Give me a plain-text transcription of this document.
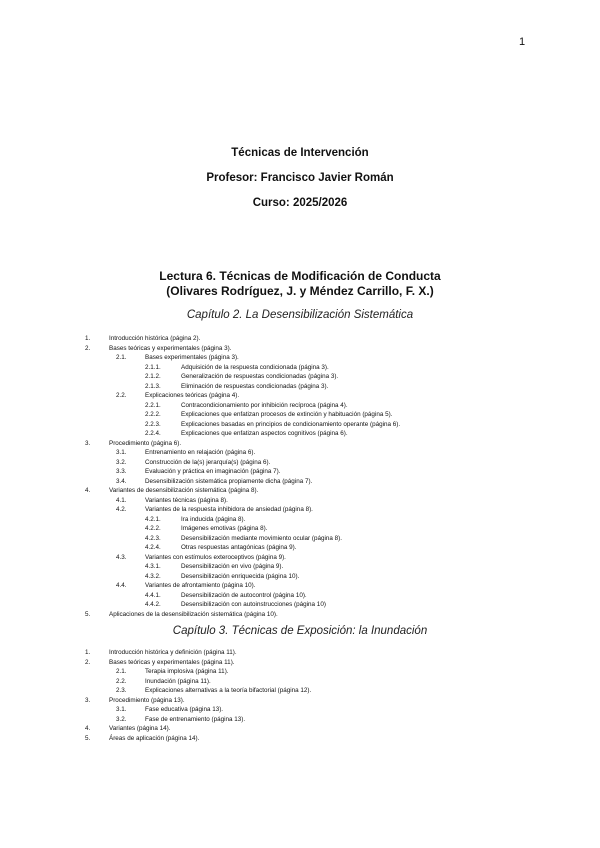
1
Técnicas de Intervención
Profesor: Francisco Javier Román
Curso: 2025/2026
Lectura 6. Técnicas de Modificación de Conducta
(Olivares Rodríguez, J. y Méndez Carrillo, F. X.)
Capítulo 2. La Desensibilización Sistemática
1.	Introducción histórica (página 2).
2.	Bases teóricas y experimentales (página 3).
2.1.	Bases experimentales (página 3).
2.1.1.	Adquisición de la respuesta condicionada (página 3).
2.1.2.	Generalización de respuestas condicionadas (página 3).
2.1.3.	Eliminación de respuestas condicionadas (página 3).
2.2.	Explicaciones teóricas (página 4).
2.2.1.	Contracondicionamiento por inhibición recíproca (página 4).
2.2.2.	Explicaciones que enfatizan procesos de extinción y habituación (página 5).
2.2.3.	Explicaciones basadas en principios de condicionamiento operante (página 6).
2.2.4.	Explicaciones que enfatizan aspectos cognitivos (página 6).
3.	Procedimiento (página 6).
3.1.	Entrenamiento en relajación (página 6).
3.2.	Construcción de la(s) jerarquía(s) (página 6).
3.3.	Evaluación y práctica en imaginación (página 7).
3.4.	Desensibilización sistemática propiamente dicha (página 7).
4.	Variantes de desensibilización sistemática (página 8).
4.1.	Variantes técnicas (página 8).
4.2.	Variantes de la respuesta inhibidora de ansiedad (página 8).
4.2.1.	Ira inducida (página 8).
4.2.2.	Imágenes emotivas (página 8).
4.2.3.	Desensibilización mediante movimiento ocular (página 8).
4.2.4.	Otras respuestas antagónicas (página 9).
4.3.	Variantes con estímulos exteroceptivos (página 9).
4.3.1.	Desensibilización en vivo (página 9).
4.3.2.	Desensibilización enriquecida (página 10).
4.4.	Variantes de afrontamiento (página 10).
4.4.1.	Desensibilización de autocontrol (página 10).
4.4.2.	Desensibilización con autoinstrucciones (página 10)
5.	Aplicaciones de la desensibilización sistemática (página 10).
Capítulo 3. Técnicas de Exposición: la Inundación
1.	Introducción histórica y definición (página 11).
2.	Bases teóricas y experimentales (página 11).
2.1.	Terapia implosiva (página 11).
2.2.	Inundación (página 11).
2.3.	Explicaciones alternativas a la teoría bifactorial (página 12).
3.	Procedimiento (página 13).
3.1.	Fase educativa (página 13).
3.2.	Fase de entrenamiento (página 13).
4.	Variantes (página 14).
5.	Áreas de aplicación (página 14).
